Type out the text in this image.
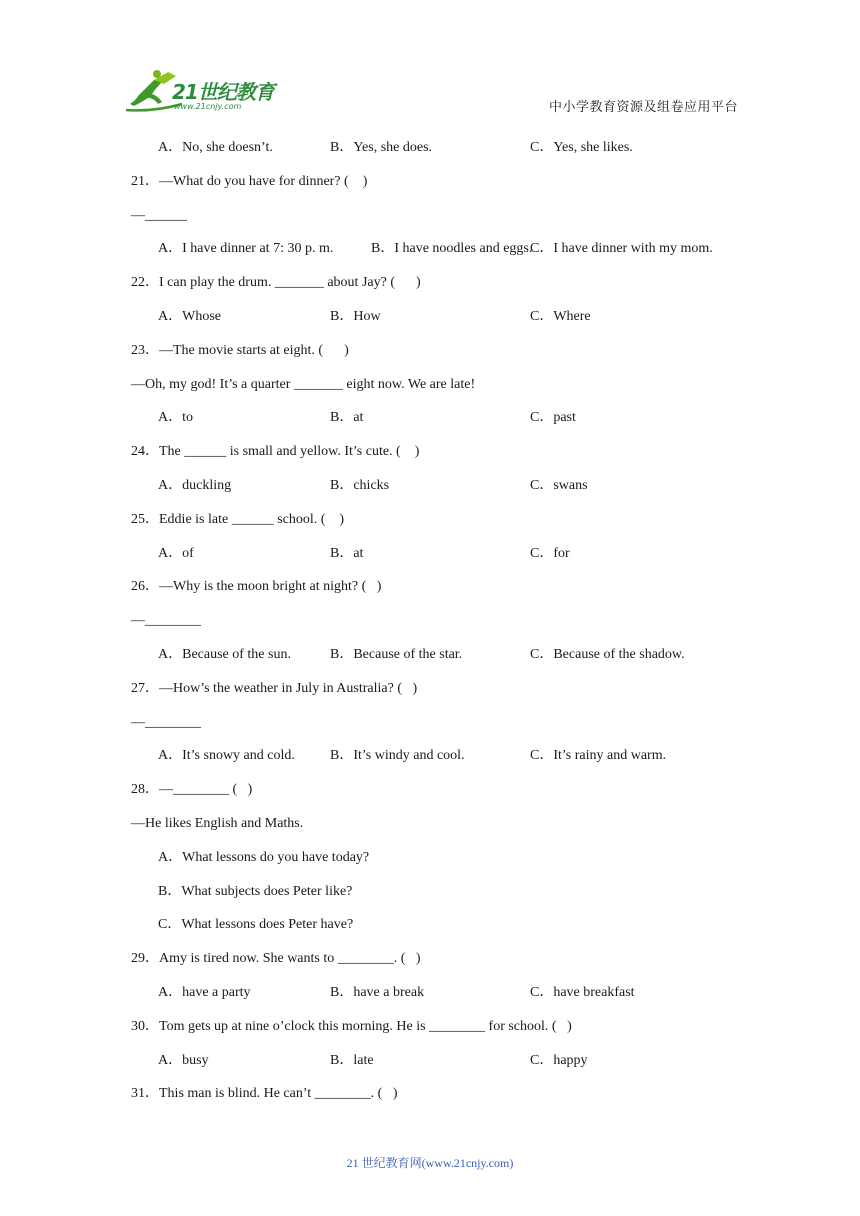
21世纪教育
www.21cnjy.com	中小学教育资源及组卷应用平台
A．No, she doesn’t.	B．Yes, she does.	C．Yes, she likes.
21．—What do you have for dinner? (    )
—______
A．I have dinner at 7: 30 p. m.	B．I have noodles and eggs.
C．I have dinner with my mom.
22．I can play the drum. _______ about Jay? (      )
A．Whose	B．How	C．Where
23．—The movie starts at eight. (      )
—Oh, my god! It’s a quarter _______ eight now. We are late!
A．to	B．at	C．past
24．The ______ is small and yellow. It’s cute. (    )
A．duckling	B．chicks	C．swans
25．Eddie is late ______ school. (    )
A．of	B．at	C．for
26．—Why is the moon bright at night? (   )
—________
A．Because of the sun.	B．Because of the star.	C．Because of the shadow.
27．—How’s the weather in July in Australia? (   )
—________
A．It’s snowy and cold.	B．It’s windy and cool.	C．It’s rainy and warm.
28．—________ (   )
—He likes English and Maths.
A．What lessons do you have today?
B．What subjects does Peter like?
C．What lessons does Peter have?
29．Amy is tired now. She wants to ________. (   )
A．have a party	B．have a break	C．have breakfast
30．Tom gets up at nine o’clock this morning. He is ________ for school. (   )
A．busy	B．late	C．happy
31．This man is blind. He can’t ________. (   )
21 世纪教育网(www.21cnjy.com)
